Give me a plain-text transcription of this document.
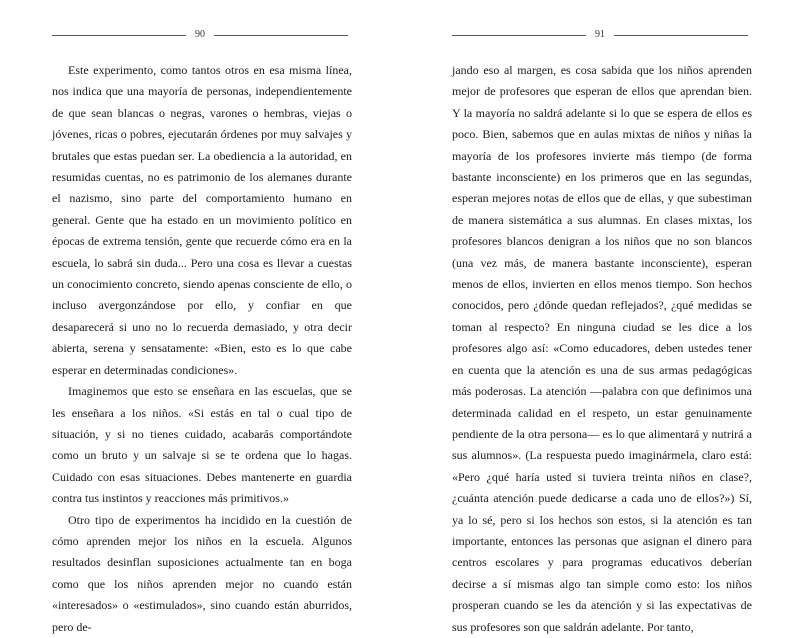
90

Este experimento, como tantos otros en esa misma línea, nos indica que una mayoría de personas, independientemente de que sean blancas o negras, varones o hembras, viejas o jóvenes, ricas o pobres, ejecutarán órdenes por muy salvajes y brutales que estas puedan ser. La obediencia a la autoridad, en resumidas cuentas, no es patrimonio de los alemanes durante el nazismo, sino parte del comportamiento humano en general. Gente que ha estado en un movimiento político en épocas de extrema tensión, gente que recuerde cómo era en la escuela, lo sabrá sin duda... Pero una cosa es llevar a cuestas un conocimiento concreto, siendo apenas consciente de ello, o incluso avergonzándose por ello, y confiar en que desaparecerá si uno no lo recuerda demasiado, y otra decir abierta, serena y sensatamente: «Bien, esto es lo que cabe esperar en determinadas condiciones».

Imaginemos que esto se enseñara en las escuelas, que se les enseñara a los niños. «Si estás en tal o cual tipo de situación, y si no tienes cuidado, acabarás comportándote como un bruto y un salvaje si se te ordena que lo hagas. Cuidado con esas situaciones. Debes mantenerte en guardia contra tus instintos y reacciones más primitivos.»

Otro tipo de experimentos ha incidido en la cuestión de cómo aprenden mejor los niños en la escuela. Algunos resultados desinflan suposiciones actualmente tan en boga como que los niños aprenden mejor no cuando están «interesados» o «estimulados», sino cuando están aburridos, pero de-

91

jando eso al margen, es cosa sabida que los niños aprenden mejor de profesores que esperan de ellos que aprendan bien. Y la mayoría no saldrá adelante si lo que se espera de ellos es poco. Bien, sabemos que en aulas mixtas de niños y niñas la mayoría de los profesores invierte más tiempo (de forma bastante inconsciente) en los primeros que en las segundas, esperan mejores notas de ellos que de ellas, y que subestiman de manera sistemática a sus alumnas. En clases mixtas, los profesores blancos denigran a los niños que no son blancos (una vez más, de manera bastante inconsciente), esperan menos de ellos, invierten en ellos menos tiempo. Son hechos conocidos, pero ¿dónde quedan reflejados?, ¿qué medidas se toman al respecto? En ninguna ciudad se les dice a los profesores algo así: «Como educadores, deben ustedes tener en cuenta que la atención es una de sus armas pedagógicas más poderosas. La atención —palabra con que definimos una determinada calidad en el respeto, un estar genuinamente pendiente de la otra persona— es lo que alimentará y nutrirá a sus alumnos». (La respuesta puedo imaginármela, claro está: «Pero ¿qué haría usted si tuviera treinta niños en clase?, ¿cuánta atención puede dedicarse a cada uno de ellos?») Sí, ya lo sé, pero si los hechos son estos, si la atención es tan importante, entonces las personas que asignan el dinero para centros escolares y para programas educativos deberían decirse a sí mismas algo tan simple como esto: los niños prosperan cuando se les da atención y si las expectativas de sus profesores son que saldrán adelante. Por tanto,
